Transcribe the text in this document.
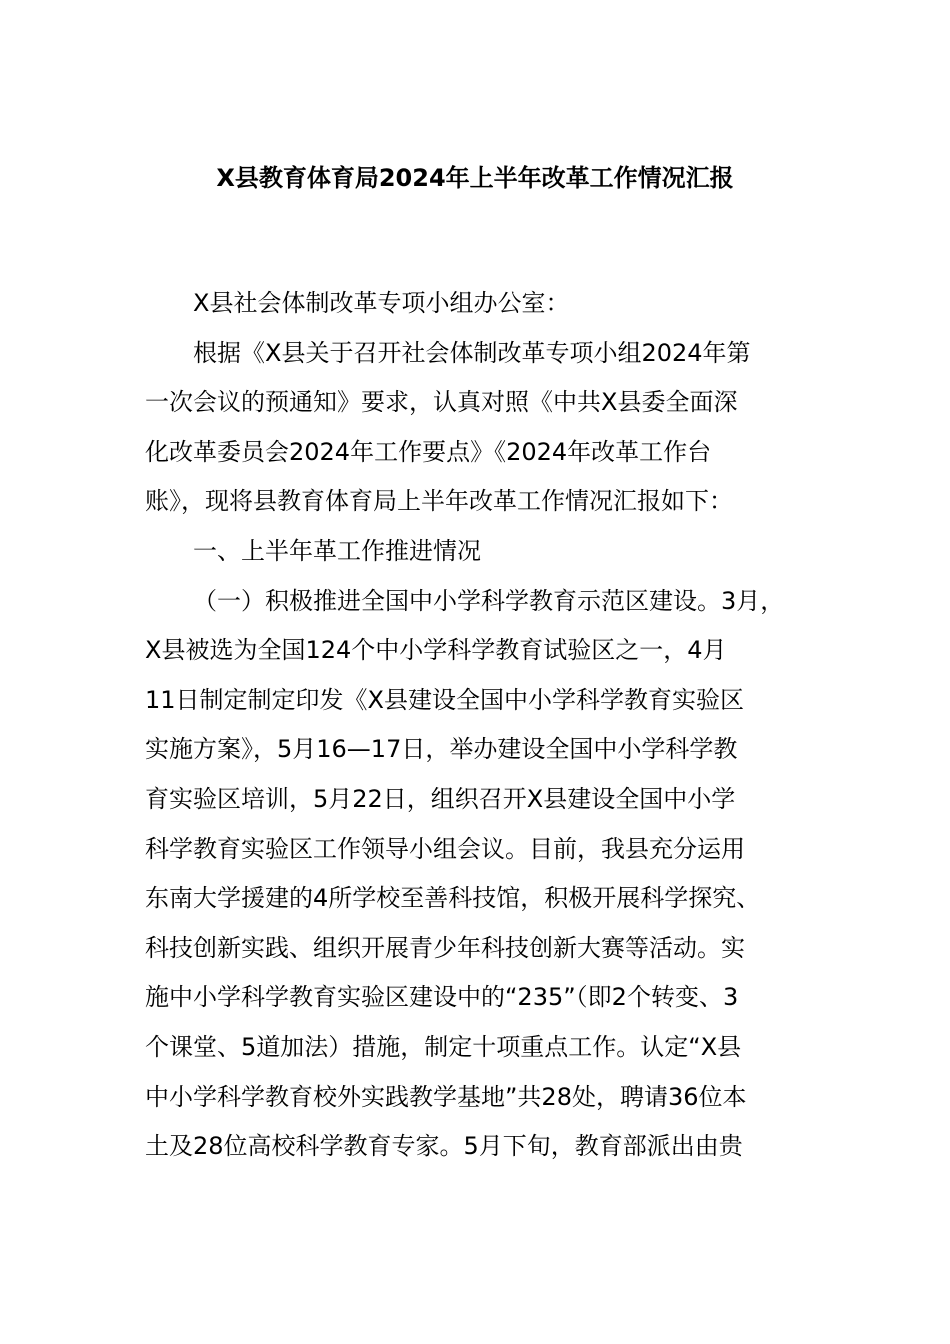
X县教育体育局2024年上半年改革工作情况汇报
X县社会体制改革专项小组办公室：
根据《X县关于召开社会体制改革专项小组2024年第
一次会议的预通知》要求，认真对照《中共X县委全面深
化改革委员会2024年工作要点》《2024年改革工作台
账》，现将县教育体育局上半年改革工作情况汇报如下：
一、上半年革工作推进情况
（一）积极推进全国中小学科学教育示范区建设。3月，
X县被选为全国124个中小学科学教育试验区之一，4月
11日制定制定印发《X县建设全国中小学科学教育实验区
实施方案》，5月16—17日，举办建设全国中小学科学教
育实验区培训，5月22日，组织召开X县建设全国中小学
科学教育实验区工作领导小组会议。目前，我县充分运用
东南大学援建的4所学校至善科技馆，积极开展科学探究、
科技创新实践、组织开展青少年科技创新大赛等活动。实
施中小学科学教育实验区建设中的“235”（即2个转变、3
个课堂、5道加法）措施，制定十项重点工作。认定“X县
中小学科学教育校外实践教学基地”共28处，聘请36位本
土及28位高校科学教育专家。5月下旬，教育部派出由贵
